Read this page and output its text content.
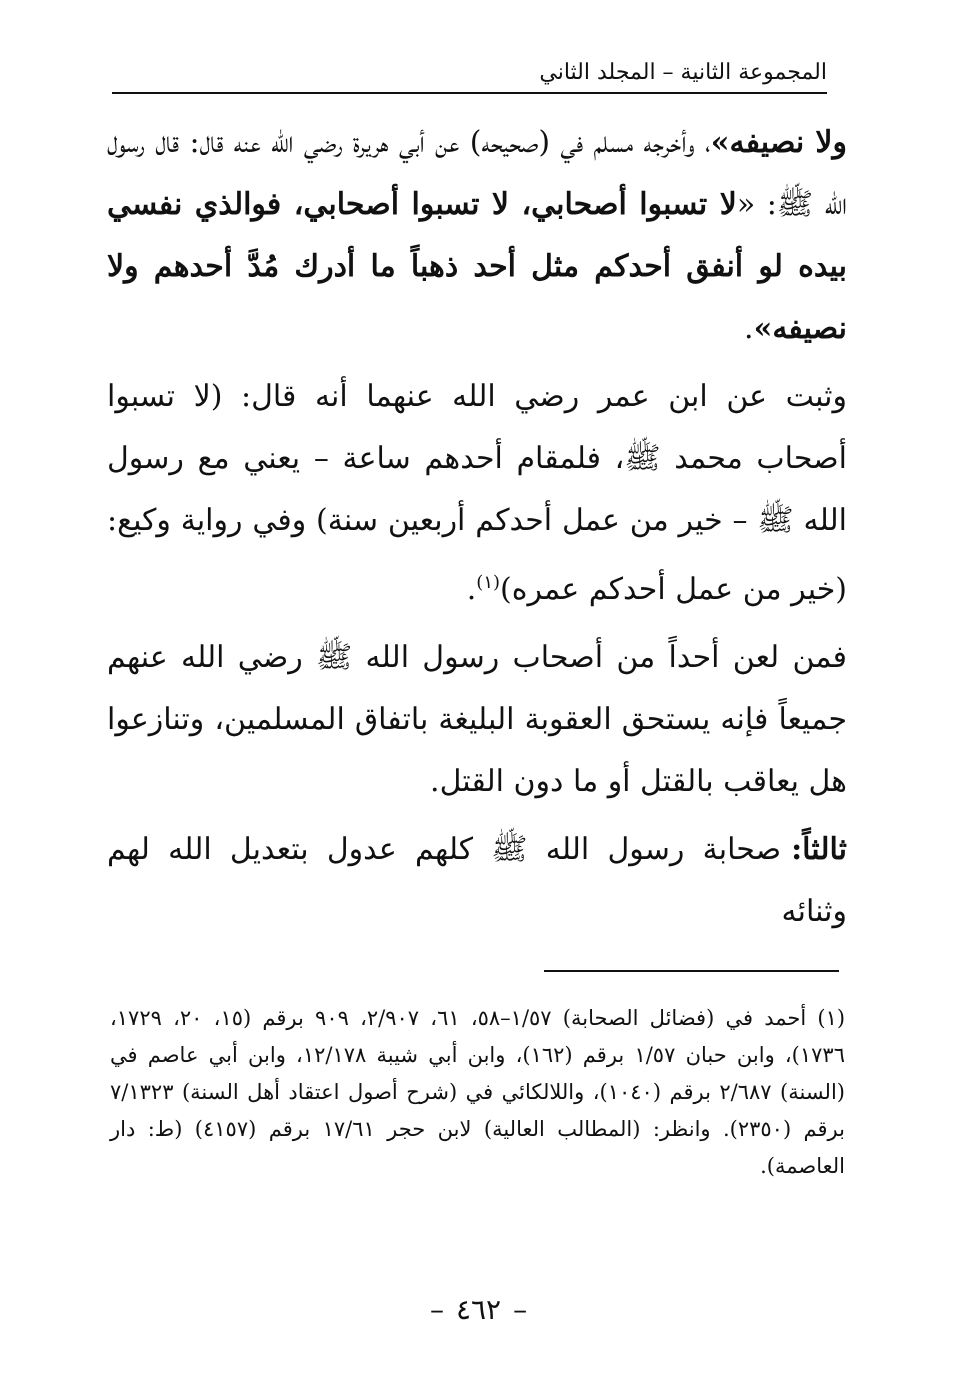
المجموعة الثانية – المجلد الثاني

ولا نصيفه»، وأخرجه مسلم في (صحيحه) عن أبي هريرة رضي الله عنه قال: قال رسول الله ﷺ: «لا تسبوا أصحابي، لا تسبوا أصحابي، فوالذي نفسي بيده لو أنفق أحدكم مثل أحد ذهباً ما أدرك مُدَّ أحدهم ولا نصيفه».

وثبت عن ابن عمر رضي الله عنهما أنه قال: (لا تسبوا أصحاب محمد ﷺ، فلمقام أحدهم ساعة – يعني مع رسول الله ﷺ – خير من عمل أحدكم أربعين سنة) وفي رواية وكيع: (خير من عمل أحدكم عمره)$^{(١)}$.

فمن لعن أحداً من أصحاب رسول الله ﷺ رضي الله عنهم جميعاً فإنه يستحق العقوبة البليغة باتفاق المسلمين، وتنازعوا هل يعاقب بالقتل أو ما دون القتل.

ثالثاً:صحابة رسول الله ﷺ كلهم عدول بتعديل الله لهم وثنائه

(١) أحمد في (فضائل الصحابة) ١/٥٧–٥٨، ٦١، ٢/٩٠٧، ٩٠٩ برقم (١٥، ٢٠، ١٧٢٩، ١٧٣٦)، وابن حبان ١/٥٧ برقم (١٦٢)، وابن أبي شيبة ١٢/١٧٨، وابن أبي عاصم في (السنة) ٢/٦٨٧ برقم (١٠٤٠)، واللالكائي في (شرح أصول اعتقاد أهل السنة) ٧/١٣٢٣ برقم (٢٣٥٠). وانظر: (المطالب العالية) لابن حجر ١٧/٦١ برقم (٤١٥٧) (ط: دار العاصمة).

–٤٦٢–
